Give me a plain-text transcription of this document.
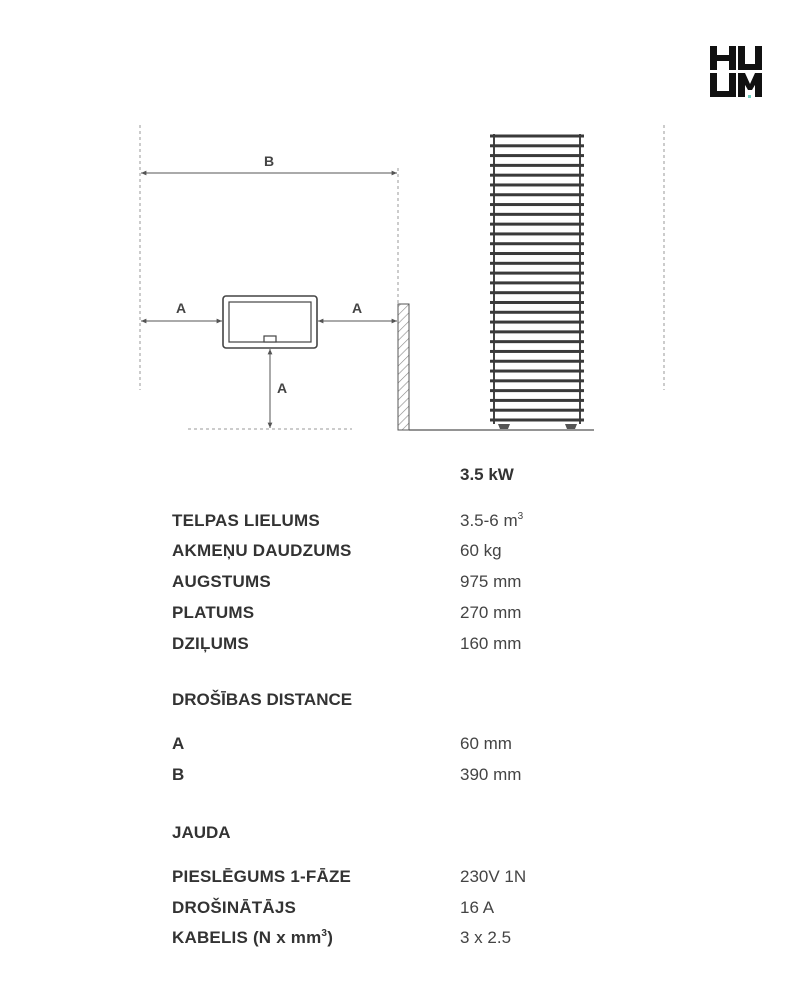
B
A	A
A
3.5 kW
TELPAS LIELUMS	3.5-6 $m^3$
AKMEŅU DAUDZUMS	60 kg
AUGSTUMS	975 mm
PLATUMS	270 mm
DZIĻUMS	160 mm
DROŠĪBAS DISTANCE
A	60 mm
B	390 mm
JAUDA
PIESLĒGUMS 1-FĀZE	230V 1N
DROŠINĀTĀJS	16 A
KABELIS (N x $mm^3$)	3 x 2.5
